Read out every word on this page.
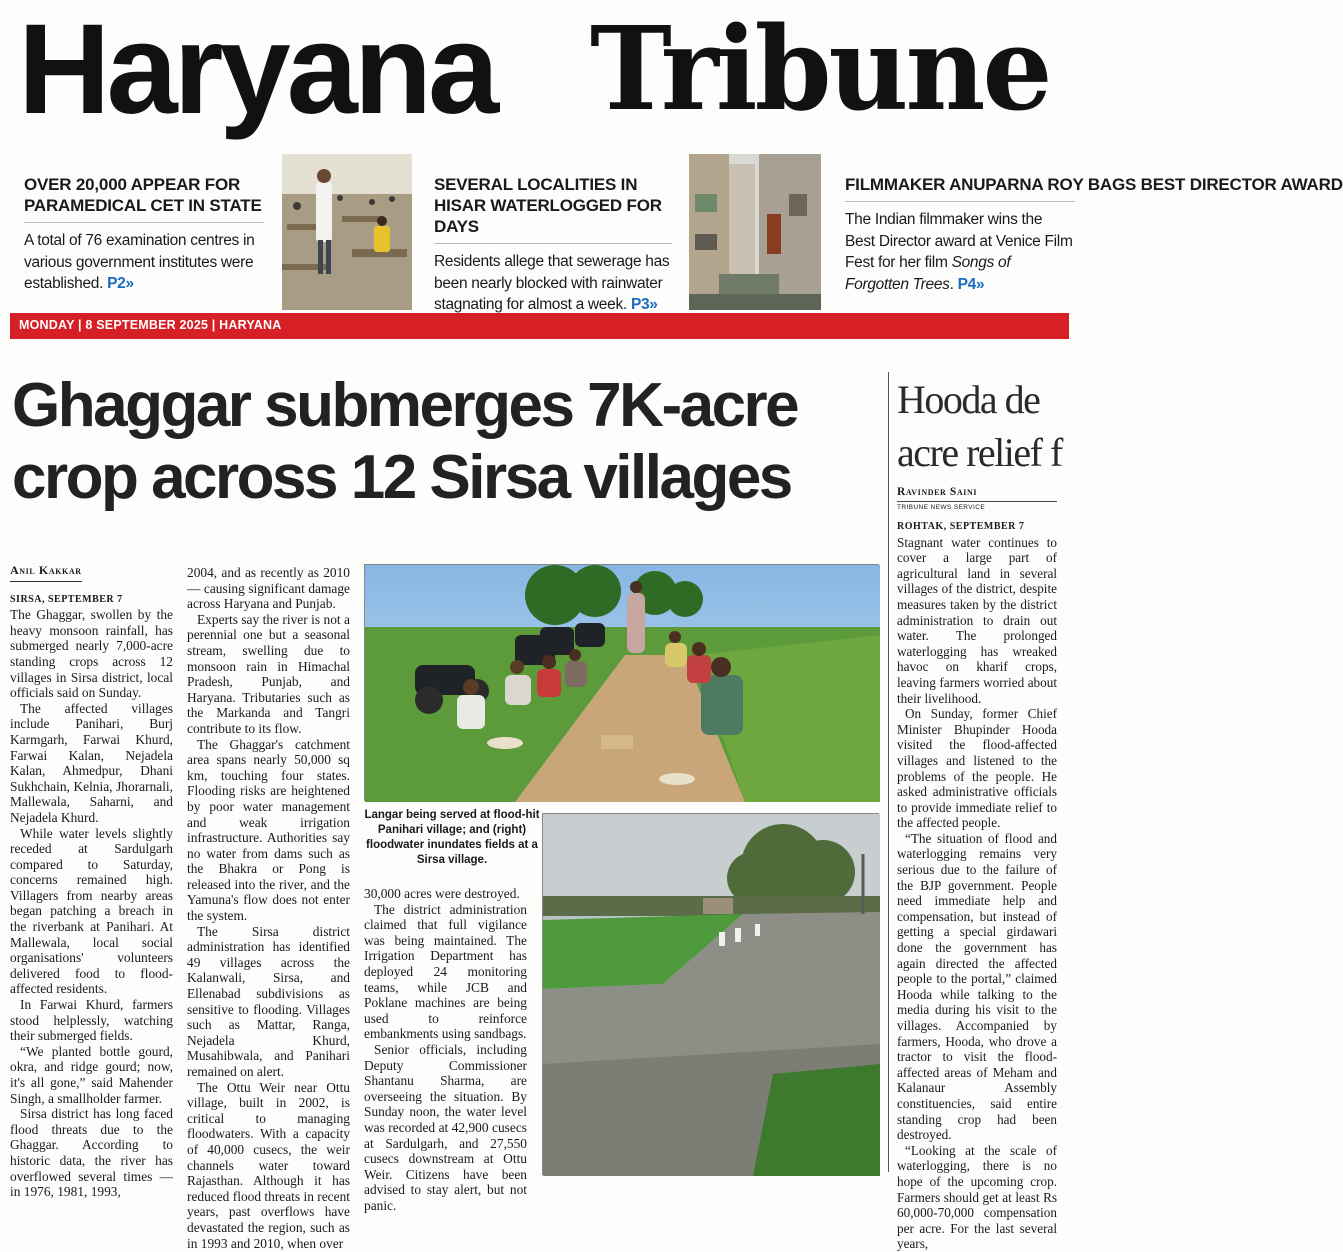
Haryana Tribune
OVER 20,000 APPEAR FOR PARAMEDICAL CET IN STATE

A total of 76 examination centres in various government institutes were established. P2»

SEVERAL LOCALITIES IN HISAR WATERLOGGED FOR DAYS

Residents allege that sewerage has been nearly blocked with rainwater stagnating for almost a week. P3»

FILMMAKER ANUPARNA ROY BAGS BEST DIRECTOR AWARD

The Indian filmmaker wins the Best Director award at Venice Film Fest for her film Songs of Forgotten Trees. P4»

MONDAY | 8 SEPTEMBER 2025 | HARYANA
Ghaggar submerges 7K-acre
crop across 12 Sirsa villages
Anil Kakkar
SIRSA, SEPTEMBER 7

The Ghaggar, swollen by the heavy monsoon rainfall, has submerged nearly 7,000-acre standing crops across 12 villages in Sirsa district, local officials said on Sunday.

The affected villages include Panihari, Burj Karmgarh, Farwai Khurd, Farwai Kalan, Nejadela Kalan, Ahmedpur, Dhani Sukhchain, Kelnia, Jhorarnali, Mallewala, Saharni, and Nejadela Khurd.

While water levels slightly receded at Sardulgarh compared to Saturday, concerns remained high. Villagers from nearby areas began patching a breach in the riverbank at Panihari. At Mallewala, local social organisations' volunteers delivered food to flood-affected residents.

In Farwai Khurd, farmers stood helplessly, watching their submerged fields.

“We planted bottle gourd, okra, and ridge gourd; now, it's all gone,” said Mahender Singh, a smallholder farmer.

Sirsa district has long faced flood threats due to the Ghaggar. According to historic data, the river has overflowed several times — in 1976, 1981, 1993,

2004, and as recently as 2010 — causing significant damage across Haryana and Punjab.

Experts say the river is not a perennial one but a seasonal stream, swelling due to monsoon rain in Himachal Pradesh, Punjab, and Haryana. Tributaries such as the Markanda and Tangri contribute to its flow.

The Ghaggar's catchment area spans nearly 50,000 sq km, touching four states. Flooding risks are heightened by poor water management and weak irrigation infrastructure. Authorities say no water from dams such as the Bhakra or Pong is released into the river, and the Yamuna's flow does not enter the system.

The Sirsa district administration has identified 49 villages across the Kalanwali, Sirsa, and Ellenabad subdivisions as sensitive to flooding. Villages such as Mattar, Ranga, Nejadela Khurd, Musahibwala, and Panihari remained on alert.

The Ottu Weir near Ottu village, built in 2002, is critical to managing floodwaters. With a capacity of 40,000 cusecs, the weir channels water toward Rajasthan. Although it has reduced flood threats in recent years, past overflows have devastated the region, such as in 1993 and 2010, when over

Langar being served at flood-hit Panihari village; and (right) floodwater inundates fields at a Sirsa village.

30,000 acres were destroyed.

The district administration claimed that full vigilance was being maintained. The Irrigation Department has deployed 24 monitoring teams, while JCB and Poklane machines are being used to reinforce embankments using sandbags.

Senior officials, including Deputy Commissioner Shantanu Sharma, are overseeing the situation. By Sunday noon, the water level was recorded at 42,900 cusecs at Sardulgarh, and 27,550 cusecs downstream at Ottu Weir. Citizens have been advised to stay alert, but not panic.

Hooda de
acre relief f
Ravinder Saini
TRIBUNE NEWS SERVICE
ROHTAK, SEPTEMBER 7

Stagnant water continues to cover a large part of agricultural land in several villages of the district, despite measures taken by the district administration to drain out water. The prolonged waterlogging has wreaked havoc on kharif crops, leaving farmers worried about their livelihood.

On Sunday, former Chief Minister Bhupinder Hooda visited the flood-affected villages and listened to the problems of the people. He asked administrative officials to provide immediate relief to the affected people.

“The situation of flood and waterlogging remains very serious due to the failure of the BJP government. People need immediate help and compensation, but instead of getting a special girdawari done the government has again directed the affected people to the portal,” claimed Hooda while talking to the media during his visit to the villages. Accompanied by farmers, Hooda, who drove a tractor to visit the flood-affected areas of Meham and Kalanaur Assembly constituencies, said entire standing crop had been destroyed.

“Looking at the scale of waterlogging, there is no hope of the upcoming crop. Farmers should get at least Rs 60,000-70,000 compensation per acre. For the last several years,
